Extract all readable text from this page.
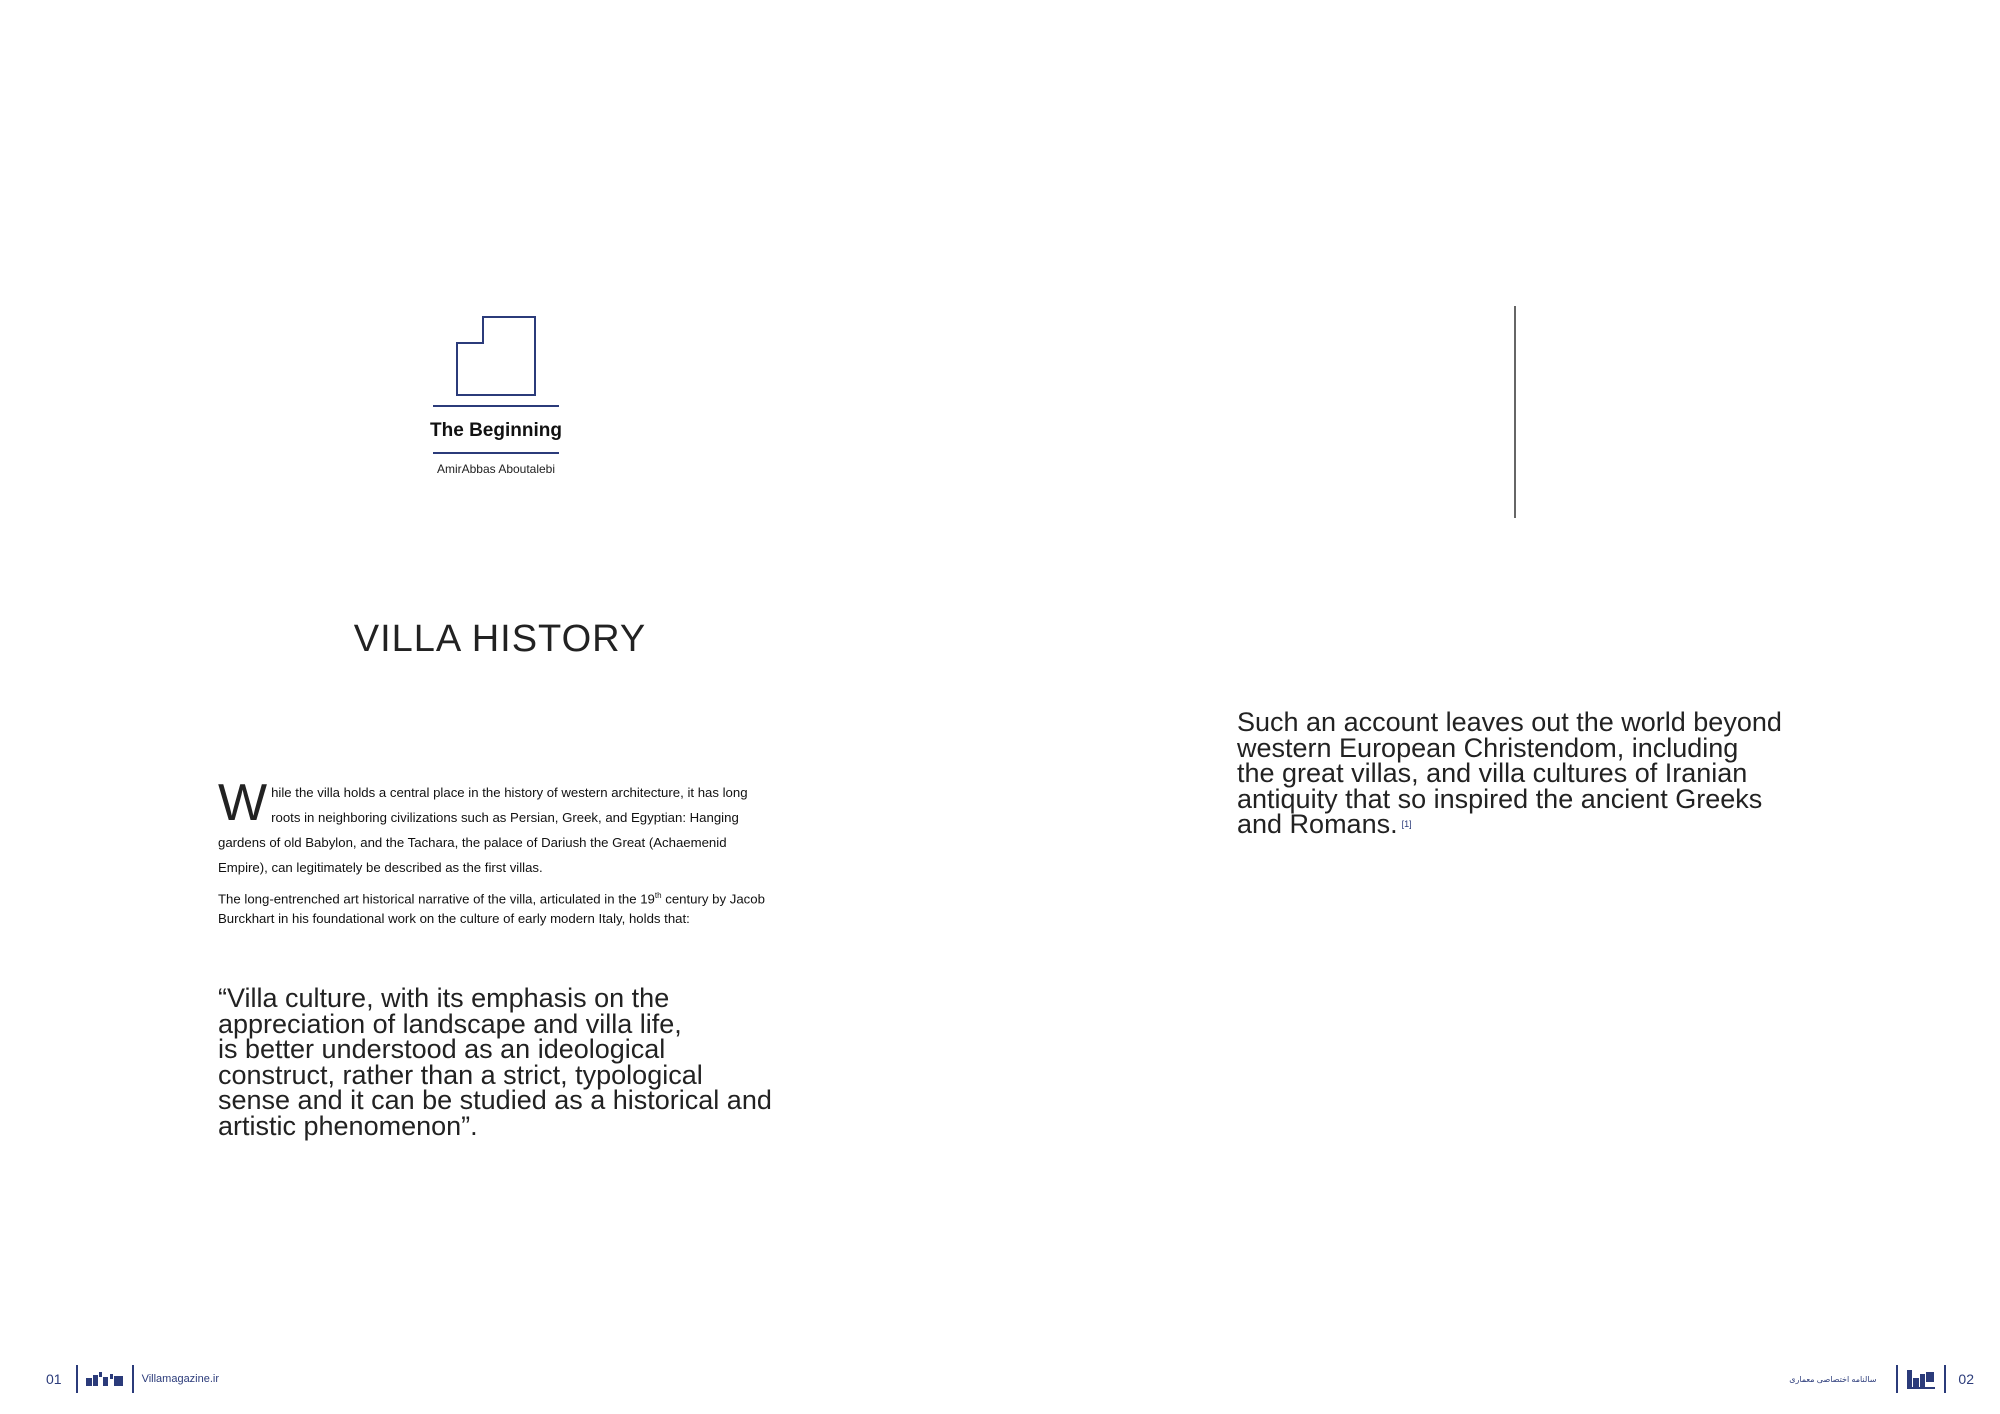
The Beginning
AmirAbbas Aboutalebi
VILLA HISTORY

While the villa holds a central place in the history of western architecture, it has long roots in neighboring civilizations such as Persian, Greek, and Egyptian: Hanging gardens of old Babylon, and the Tachara, the palace of Dariush the Great (Achaemenid Empire), can legitimately be described as the first villas.

The long-entrenched art historical narrative of the villa, articulated in the 19th century by Jacob Burckhart in his foundational work on the culture of early modern Italy, holds that:

“Villa culture, with its emphasis on the
appreciation of landscape and villa life,
is better understood as an ideological
construct, rather than a strict, typological
sense and it can be studied as a historical and
artistic phenomenon”.
Such an account leaves out the world beyond
western European Christendom, including
the great villas, and villa cultures of Iranian
antiquity that so inspired the ancient Greeks
and Romans. [1]
01	Villamagazine.ir	سالنامه اختصاصی معماری	02
